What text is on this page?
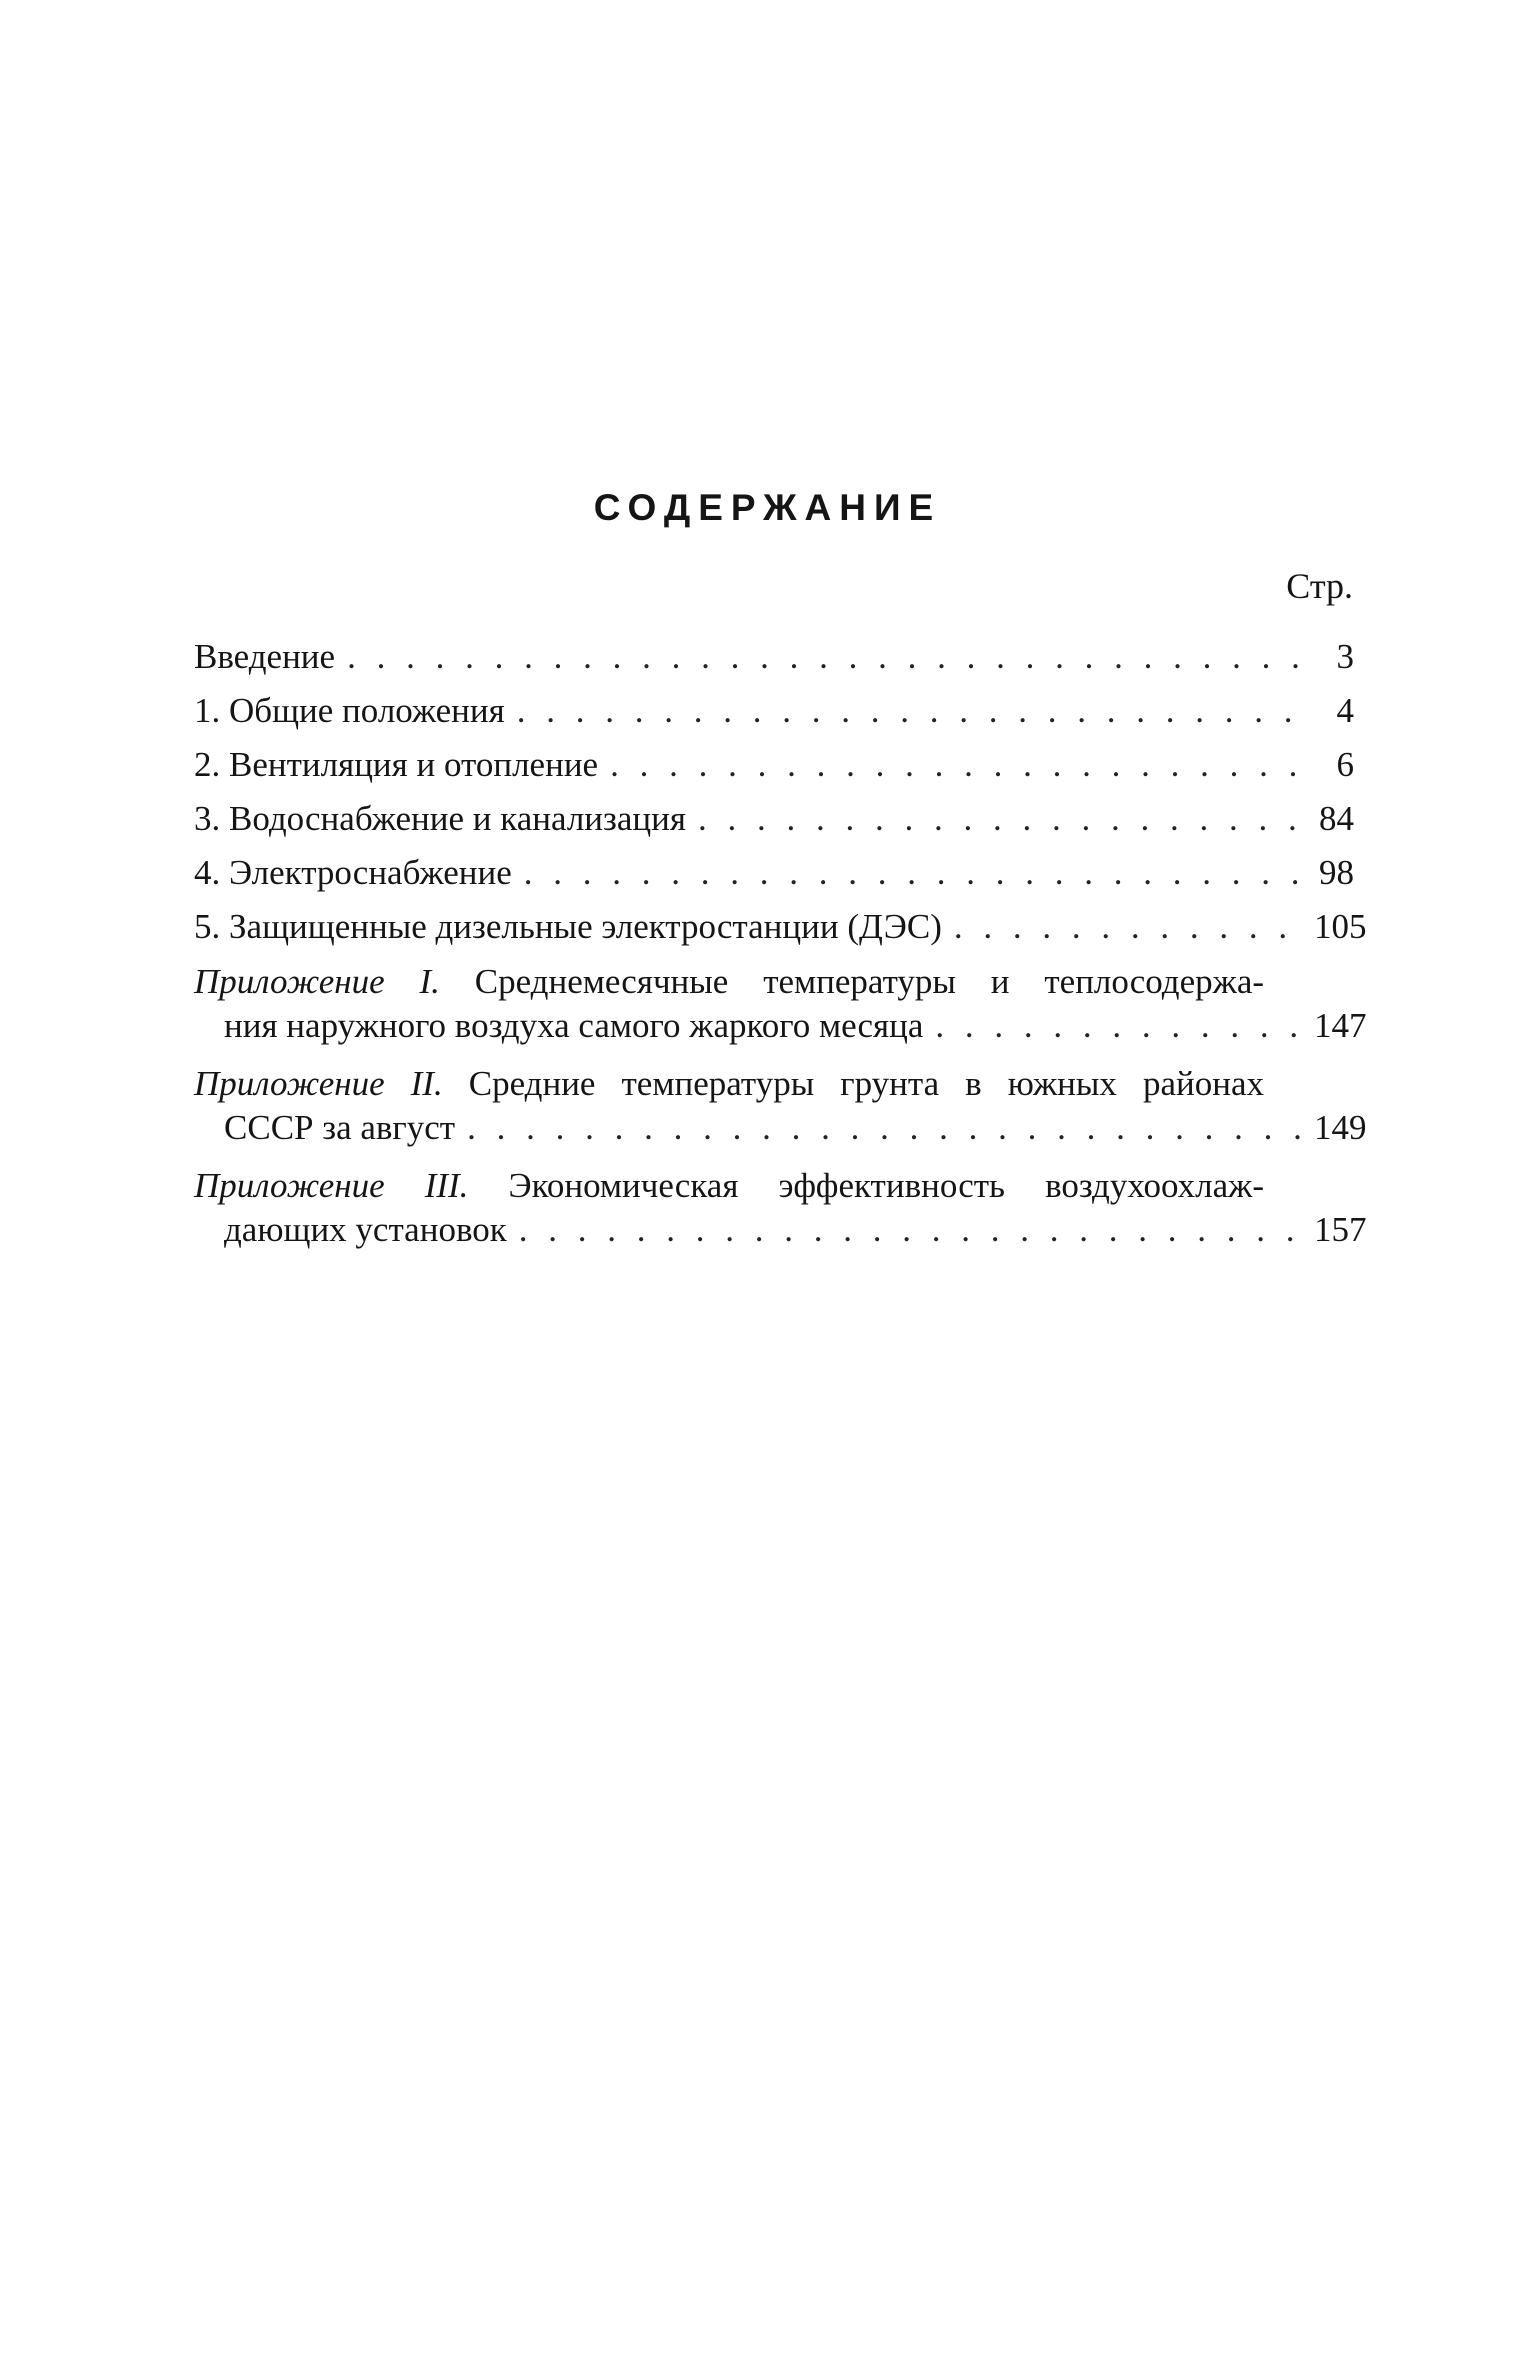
СОДЕРЖАНИЕ
Стр.
Введение . . .	3
1. Общие положения . . .	4
2. Вентиляция и отопление . . .	6
3. Водоснабжение и канализация . . .	84
4. Электроснабжение . . .	98
5. Защищенные дизельные электростанции (ДЭС) . . .	105
Приложение I. Среднемесячные температуры и теплосодержа-
ния наружного воздуха самого жаркого месяца . . .	147
Приложение II. Средние температуры грунта в южных районах
СССР за август . . .	149
Приложение III. Экономическая эффективность воздухоохлаж-
дающих установок . . .	157
